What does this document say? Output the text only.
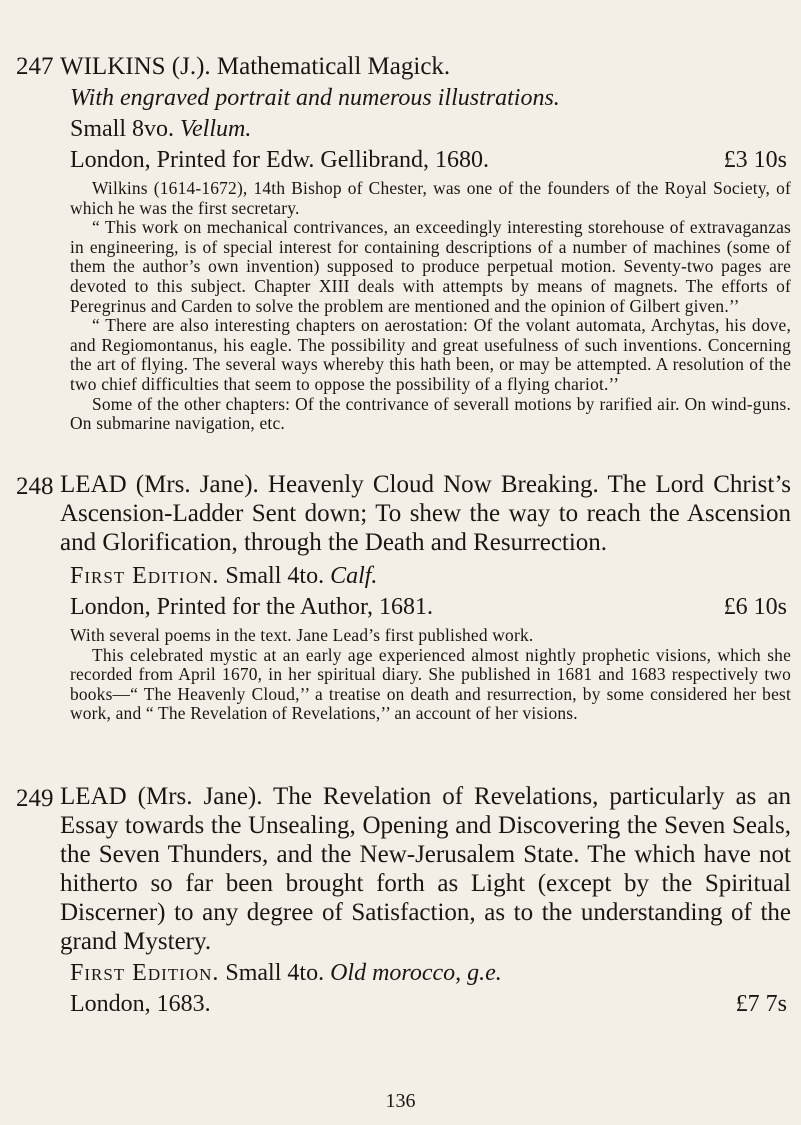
247 WILKINS (J.). Mathematicall Magick.
With engraved portrait and numerous illustrations.
Small 8vo. Vellum.
London, Printed for Edw. Gellibrand, 1680.	£3 10s

Wilkins (1614-1672), 14th Bishop of Chester, was one of the founders of the Royal Society, of which he was the first secretary.

“ This work on mechanical contrivances, an exceedingly interesting storehouse of extravaganzas in engineering, is of special interest for containing descriptions of a number of machines (some of them the author’s own invention) supposed to produce perpetual motion. Seventy-two pages are devoted to this subject. Chapter XIII deals with attempts by means of magnets. The efforts of Peregrinus and Carden to solve the problem are mentioned and the opinion of Gilbert given.’’

“ There are also interesting chapters on aerostation: Of the volant automata, Archytas, his dove, and Regiomontanus, his eagle. The possibility and great usefulness of such inventions. Concerning the art of flying. The several ways whereby this hath been, or may be attempted. A resolution of the two chief difficulties that seem to oppose the possibility of a flying chariot.’’

Some of the other chapters: Of the contrivance of severall motions by rarified air. On wind-guns. On submarine navigation, etc.

248 LEAD (Mrs. Jane). Heavenly Cloud Now Breaking. The Lord Christ’s Ascension-Ladder Sent down; To shew the way to reach the Ascension and Glorification, through the Death and Resurrection.
First Edition. Small 4to. Calf.
London, Printed for the Author, 1681.	£6 10s

With several poems in the text. Jane Lead’s first published work.

This celebrated mystic at an early age experienced almost nightly prophetic visions, which she recorded from April 1670, in her spiritual diary. She published in 1681 and 1683 respectively two books—“ The Heavenly Cloud,’’ a treatise on death and resurrection, by some considered her best work, and “ The Revelation of Revelations,’’ an account of her visions.

249 LEAD (Mrs. Jane). The Revelation of Revelations, particularly as an Essay towards the Unsealing, Opening and Discovering the Seven Seals, the Seven Thunders, and the New-Jerusalem State. The which have not hitherto so far been brought forth as Light (except by the Spiritual Discerner) to any degree of Satisfaction, as to the understanding of the grand Mystery.
First Edition. Small 4to. Old morocco, g.e.
London, 1683.	£7 7s
136
